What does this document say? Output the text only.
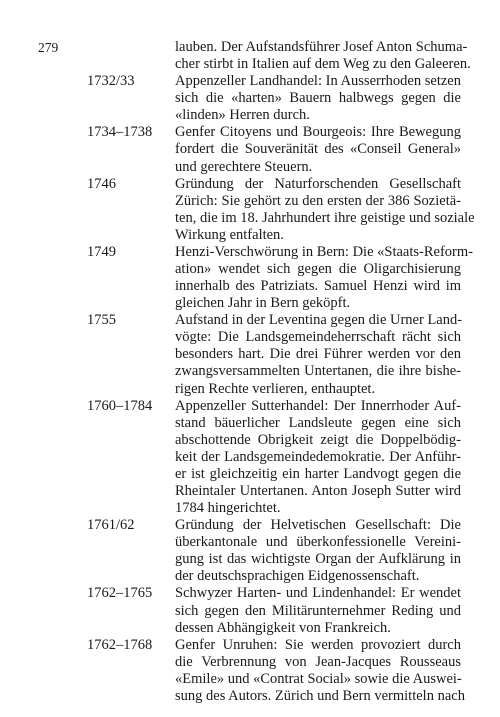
279	lauben. Der Aufstandsführer Josef Anton Schuma-
cher stirbt in Italien auf dem Weg zu den Galeeren.
1732/33	Appenzeller Landhandel: In Ausserrhoden setzen
sich die «harten» Bauern halbwegs gegen die
«linden» Herren durch.
1734–1738 Genfer Citoyens und Bourgeois: Ihre Bewegung
fordert die Souveränität des «Conseil General»
und gerechtere Steuern.
1746	Gründung der Naturforschenden Gesellschaft
Zürich: Sie gehört zu den ersten der 386 Sozietä-
ten, die im 18. Jahrhundert ihre geistige und soziale
Wirkung entfalten.
1749	Henzi-Verschwörung in Bern: Die «Staats-Reform-
ation» wendet sich gegen die Oligarchisierung
innerhalb des Patriziats. Samuel Henzi wird im
gleichen Jahr in Bern geköpft.
1755	Aufstand in der Leventina gegen die Urner Land-
vögte: Die Landsgemeindeherrschaft rächt sich
besonders hart. Die drei Führer werden vor den
zwangsversammelten Untertanen, die ihre bishe-
rigen Rechte verlieren, enthauptet.
1760–1784 Appenzeller Sutterhandel: Der Innerrhoder Auf-
stand bäuerlicher Landsleute gegen eine sich
abschottende Obrigkeit zeigt die Doppelbödig-
keit der Landsgemeindedemokratie. Der Anführ-
er ist gleichzeitig ein harter Landvogt gegen die
Rheintaler Untertanen. Anton Joseph Sutter wird
1784 hingerichtet.
1761/62	Gründung der Helvetischen Gesellschaft: Die
überkantonale und überkonfessionelle Vereini-
gung ist das wichtigste Organ der Aufklärung in
der deutschsprachigen Eidgenossenschaft.
1762–1765 Schwyzer Harten- und Lindenhandel: Er wendet
sich gegen den Militärunternehmer Reding und
dessen Abhängigkeit von Frankreich.
1762–1768 Genfer Unruhen: Sie werden provoziert durch
die Verbrennung von Jean-Jacques Rousseaus
«Emile» und «Contrat Social» sowie die Auswei-
sung des Autors. Zürich und Bern vermitteln nach
